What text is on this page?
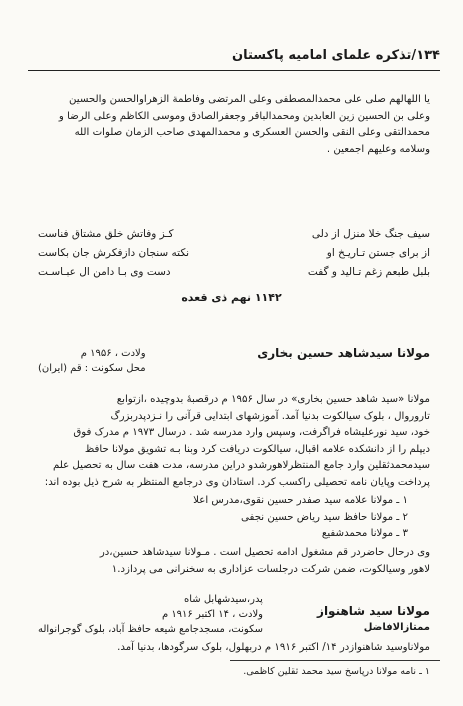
۱۳۴/تذکره علمای امامیه پاکستان
یا اللهالهم صلی علی محمدالمصطفی وعلی المرتضی وفاطمة الزهراوالحسن والحسین
وعلی بن الحسین زین العابدین ومحمدالباقر وجعفرالصادق وموسی الکاظم وعلی الرضا و
محمدالتقی وعلی النقی والحسن العسکری و محمدالمهدی صاحب الزمان صلوات الله
وسلامه وعلیهم اجمعین .
سیف جنگ خلا منزل از دلی
کـز وفاتش خلق مشتاق فناست
از برای جستن تـاریـخ او
نکته سنجان دازفکرش جان بکاست
بلبل طبعم زغم تـالید و گفت
دست وی بـا دامن ال عبـاسـت
۱۱۴۲ نهم ذی قعده
مولانا سیدشاهد حسین بخاری
ولادت ، ۱۹۵۶ م
محل سکونت : قم (ایران)
مولانا «سید شاهد حسین بخاری» در سال ۱۹۵۶ م درقصبهٔ بدوچیده ،ازتوابع
تاروروال ، بلوک سیالکوت بدنیا آمد. آموزشهای ابتدایی قرآنی را نـزدپدربزرگ
خود، سید نورعلیشاه فراگرفت، وسپس وارد مدرسه شد . درسال ۱۹۷۳ م مدرک فوق
دیپلم را از دانشکده علامه اقبال، سیالکوت دریافت کرد وبنا بـه تشویق مولانا حافظ
سیدمحمدثقلین وارد جامع المنتظرلاهورشدو دراین مدرسه، مدت هفت سال به تحصیل علم
پرداخت وپایان نامه تحصیلی راکسب کرد. استادان وی درجامع المنتظر به شرح ذیل بوده اند:
۱ ـ مولانا علامه سید صفدر حسین نقوی،مدرس اعلا
۲ ـ مولانا حافظ سید ریاض حسین نجفی
۳ ـ مولانا محمدشفیع
وی درحال حاضردر قم مشغول ادامه تحصیل است . مـولانا سیدشاهد حسین،در
لاهور وسیالکوت، ضمن شرکت درجلسات عزاداری به سخنرانی می پردازد.۱
مولانا سید شاهنواز
ممتازالافاضل
پدر،سیدشهابل شاه
ولادت ، ۱۴ اکتبر ۱۹۱۶ م
سکونت، مسجدجامع شیعه حافظ آباد، بلوک گوجرانواله
مولاناوسید شاهنوازدر ۱۴/ اکتبر ۱۹۱۶ م دربهلول، بلوک سرگودها، بدنیا آمد.
۱ ـ نامه مولانا درپاسخ سید محمد ثقلین کاظمی.
